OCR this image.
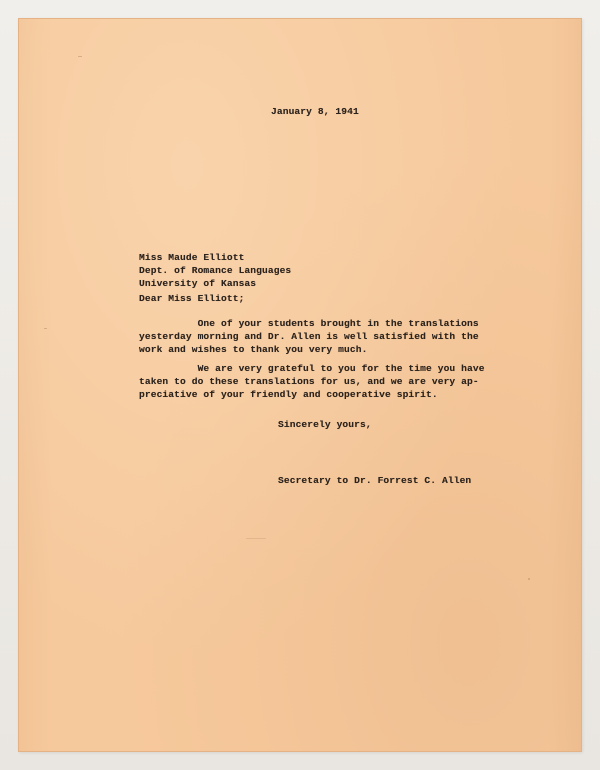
January 8, 1941
Miss Maude Elliott
Dept. of Romance Languages
University of Kansas
Dear Miss Elliott;
One of your students brought in the translations
yesterday morning and Dr. Allen is well satisfied with the
work and wishes to thank you very much.
We are very grateful to you for the time you have
taken to do these translations for us, and we are very ap-
preciative of your friendly and cooperative spirit.
Sincerely yours,
Secretary to Dr. Forrest C. Allen
